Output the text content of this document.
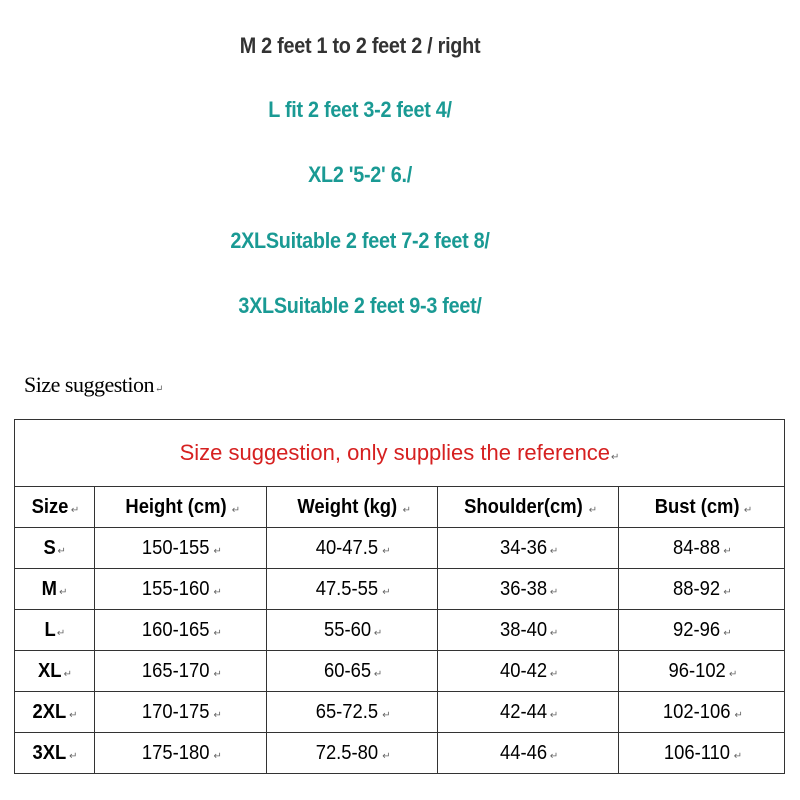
M 2 feet 1 to 2 feet 2 / right
L fit 2 feet 3-2 feet 4/
XL2 '5-2' 6./
2XLSuitable 2 feet 7-2 feet 8/
3XLSuitable 2 feet 9-3 feet/
Size suggestion↵
Size suggestion, only supplies the reference↵				
Size ↵	Height (cm) ↵	Weight (kg) ↵	Shoulder(cm) ↵	Bust (cm) ↵
S ↵	150-155 ↵	40-47.5 ↵	34-36 ↵	84-88 ↵
M ↵	155-160 ↵	47.5-55 ↵	36-38 ↵	88-92 ↵
L↵	160-165 ↵	55-60 ↵	38-40 ↵	92-96 ↵
XL ↵	165-170 ↵	60-65 ↵	40-42 ↵	96-102 ↵
2XL ↵	170-175 ↵	65-72.5 ↵	42-44 ↵	102-106 ↵
3XL ↵	175-180 ↵	72.5-80 ↵	44-46 ↵	106-110 ↵
